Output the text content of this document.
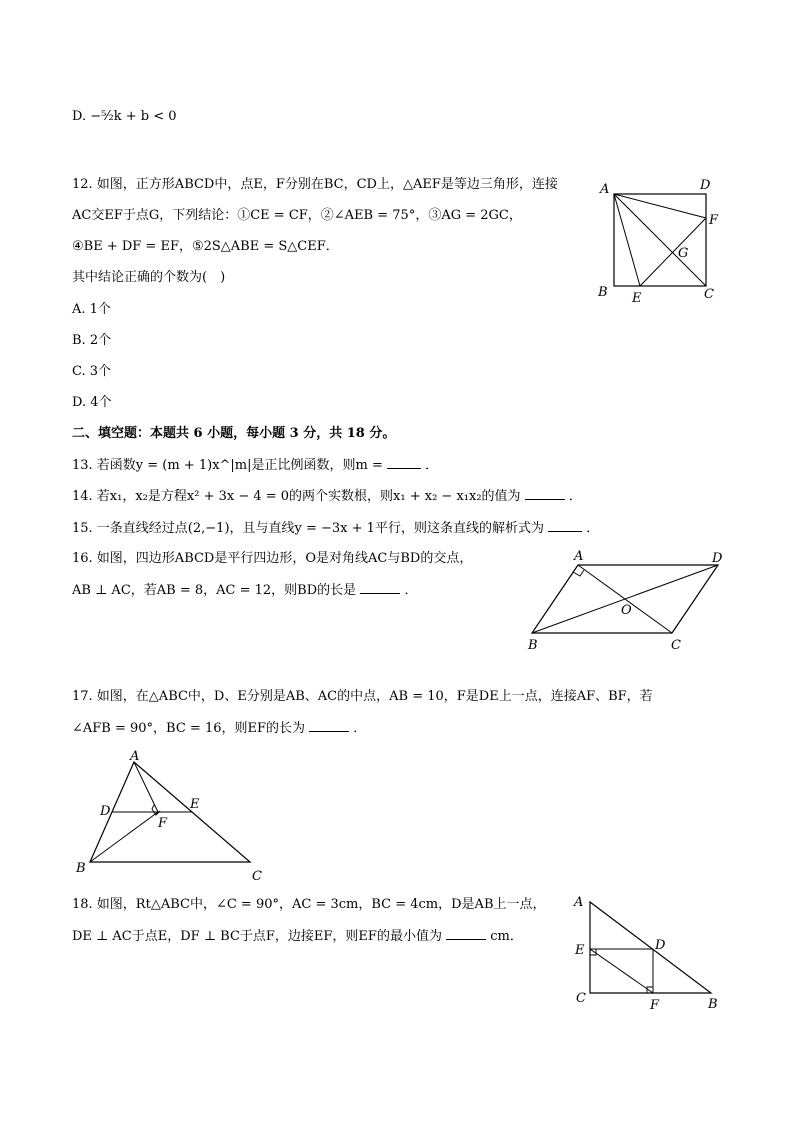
D. −⁵⁄₂k + b < 0
12. 如图，正方形ABCD中，点E，F分别在BC，CD上，△AEF是等边三角形，连接
AC交EF于点G，下列结论：①CE = CF，②∠AEB = 75°，③AG = 2GC，
④BE + DF = EF，⑤2S△ABE = S△CEF．
其中结论正确的个数为(　)
A. 1个
B. 2个
C. 3个
D. 4个
A	D
F
G
B E	C
二、填空题：本题共 6 小题，每小题 3 分，共 18 分。
13. 若函数y = (m + 1)x^|m|是正比例函数，则m =	．
14. 若x₁，x₂是方程x² + 3x − 4 = 0的两个实数根，则x₁ + x₂ − x₁x₂的值为	．
15. 一条直线经过点(2,−1)，且与直线y = −3x + 1平行，则这条直线的解析式为	．
16. 如图，四边形ABCD是平行四边形，O是对角线AC与BD的交点，
AB ⊥ AC，若AB = 8，AC = 12，则BD的长是	．
A	D
O
B	C
17. 如图，在△ABC中，D、E分别是AB、AC的中点，AB = 10，F是DE上一点，连接AF、BF，若
∠AFB = 90°，BC = 16，则EF的长为	．
A
D	E
F
B
C
18. 如图，Rt△ABC中，∠C = 90°，AC = 3cm，BC = 4cm，D是AB上一点，
DE ⊥ AC于点E，DF ⊥ BC于点F，边接EF，则EF的最小值为	cm．
A
D
E
C	F	B
